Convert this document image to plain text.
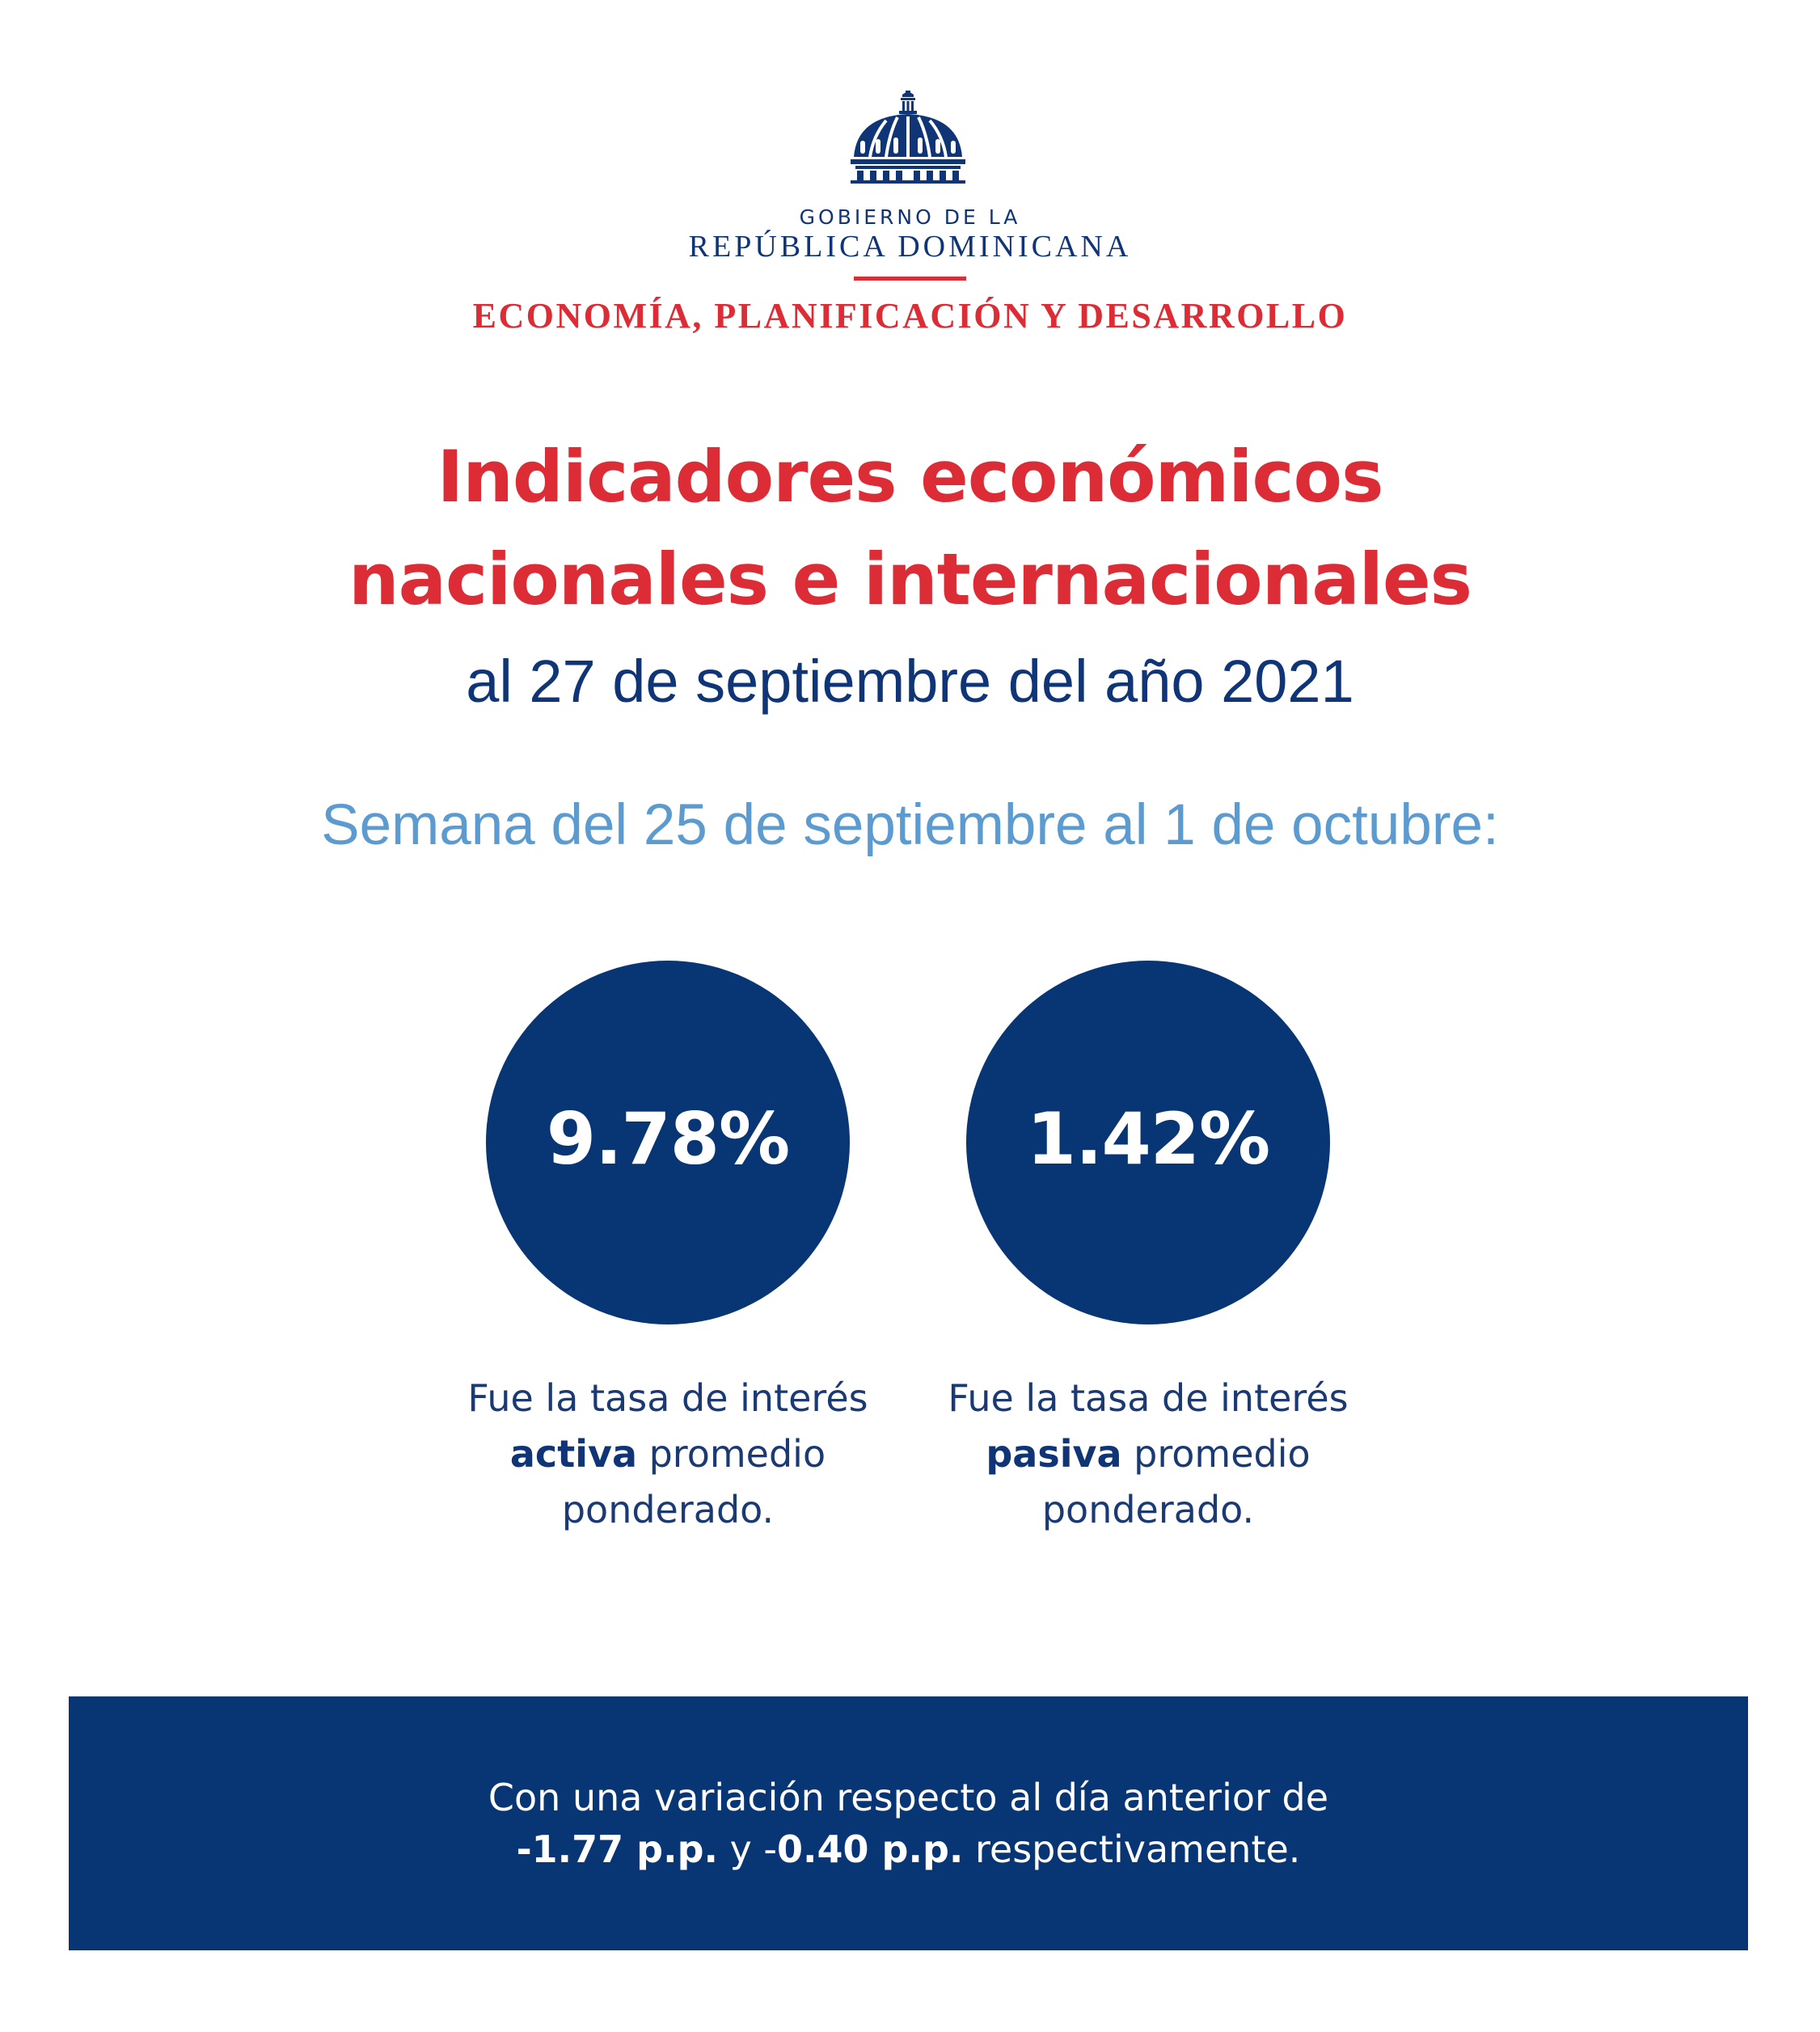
GOBIERNO DE LA
REPÚBLICA DOMINICANA
ECONOMÍA, PLANIFICACIÓN Y DESARROLLO
Indicadores económicos
nacionales e internacionales
al 27 de septiembre del año 2021
Semana del 25 de septiembre al 1 de octubre:
9.78%	1.42%
Fue la tasa de interés
activa promedio
ponderado.
Fue la tasa de interés
pasiva promedio
ponderado.
Con una variación respecto al día anterior de
-1.77 p.p. y -0.40 p.p. respectivamente.
